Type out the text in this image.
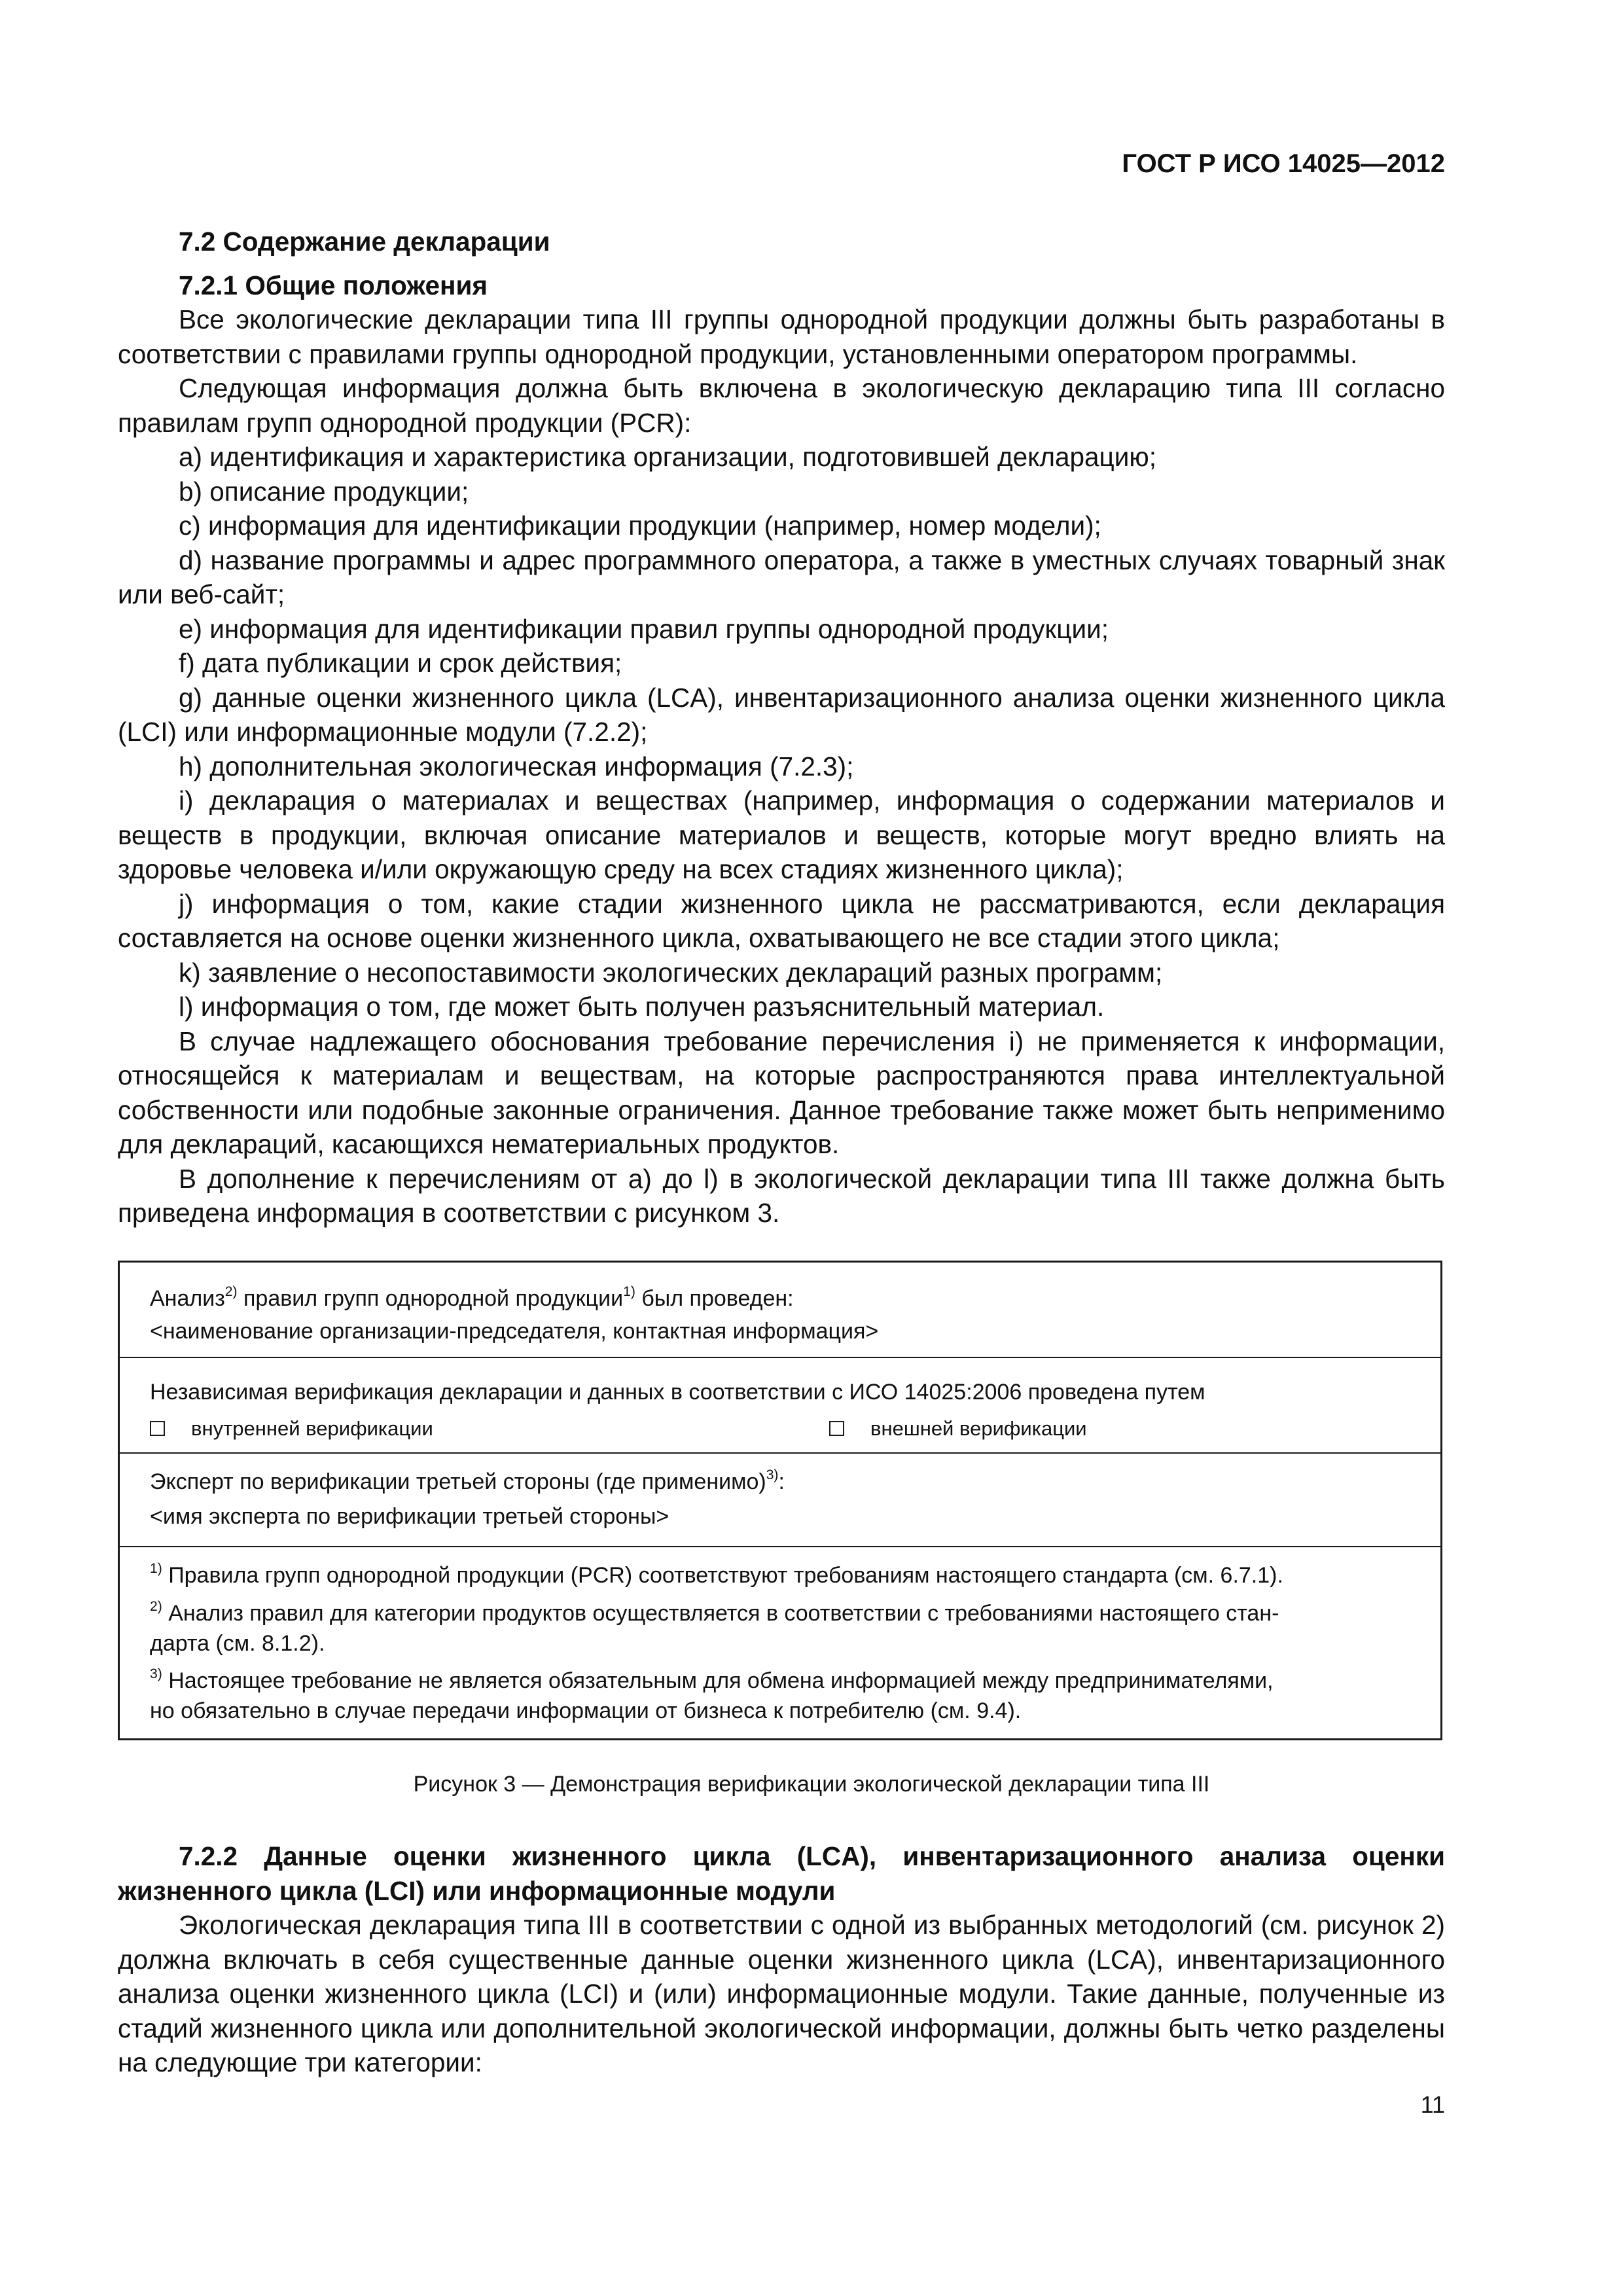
ГОСТ Р ИСО 14025—2012

7.2 Содержание декларации

7.2.1 Общие положения

Все экологические декларации типа III группы однородной продукции должны быть разработаны в соответствии с правилами группы однородной продукции, установленными оператором программы.

Следующая информация должна быть включена в экологическую декларацию типа III согласно правилам групп однородной продукции (PCR):

a) идентификация и характеристика организации, подготовившей декларацию;

b) описание продукции;

c) информация для идентификации продукции (например, номер модели);

d) название программы и адрес программного оператора, а также в уместных случаях товарный знак или веб-сайт;

e) информация для идентификации правил группы однородной продукции;

f) дата публикации и срок действия;

g) данные оценки жизненного цикла (LCA), инвентаризационного анализа оценки жизненного цикла (LCI) или информационные модули (7.2.2);

h) дополнительная экологическая информация (7.2.3);

i) декларация о материалах и веществах (например, информация о содержании материалов и веществ в продукции, включая описание материалов и веществ, которые могут вредно влиять на здоровье человека и/или окружающую среду на всех стадиях жизненного цикла);

j) информация о том, какие стадии жизненного цикла не рассматриваются, если декларация составляется на основе оценки жизненного цикла, охватывающего не все стадии этого цикла;

k) заявление о несопоставимости экологических деклараций разных программ;

l) информация о том, где может быть получен разъяснительный материал.

В случае надлежащего обоснования требование перечисления i) не применяется к информации, относящейся к материалам и веществам, на которые распространяются права интеллектуальной собственности или подобные законные ограничения. Данное требование также может быть неприменимо для деклараций, касающихся нематериальных продуктов.

В дополнение к перечислениям от a) до l) в экологической декларации типа III также должна быть приведена информация в соответствии с рисунком 3.

Анализ$^{2)}$ правил групп однородной продукции$^{1)}$ был проведен:
<наименование организации-председателя, контактная информация>
Независимая верификация декларации и данных в соответствии с ИСО 14025:2006 проведена путем
внутренней верификации	внешней верификации
Эксперт по верификации третьей стороны (где применимо)$^{3)}$:
<имя эксперта по верификации третьей стороны>
$^{1)}$ Правила групп однородной продукции (PCR) соответствуют требованиям настоящего стандарта (см. 6.7.1).
$^{2)}$ Анализ правил для категории продуктов осуществляется в соответствии с требованиями настоящего стан-
дарта (см. 8.1.2).
$^{3)}$ Настоящее требование не является обязательным для обмена информацией между предпринимателями,
но обязательно в случае передачи информации от бизнеса к потребителю (см. 9.4).
Рисунок 3 — Демонстрация верификации экологической декларации типа III

7.2.2 Данные оценки жизненного цикла (LCA), инвентаризационного анализа оценки жизненного цикла (LCI) или информационные модули

Экологическая декларация типа III в соответствии с одной из выбранных методологий (см. рисунок 2) должна включать в себя существенные данные оценки жизненного цикла (LCA), инвентаризационного анализа оценки жизненного цикла (LCI) и (или) информационные модули. Такие данные, полученные из стадий жизненного цикла или дополнительной экологической информации, должны быть четко разделены на следующие три категории:

11
